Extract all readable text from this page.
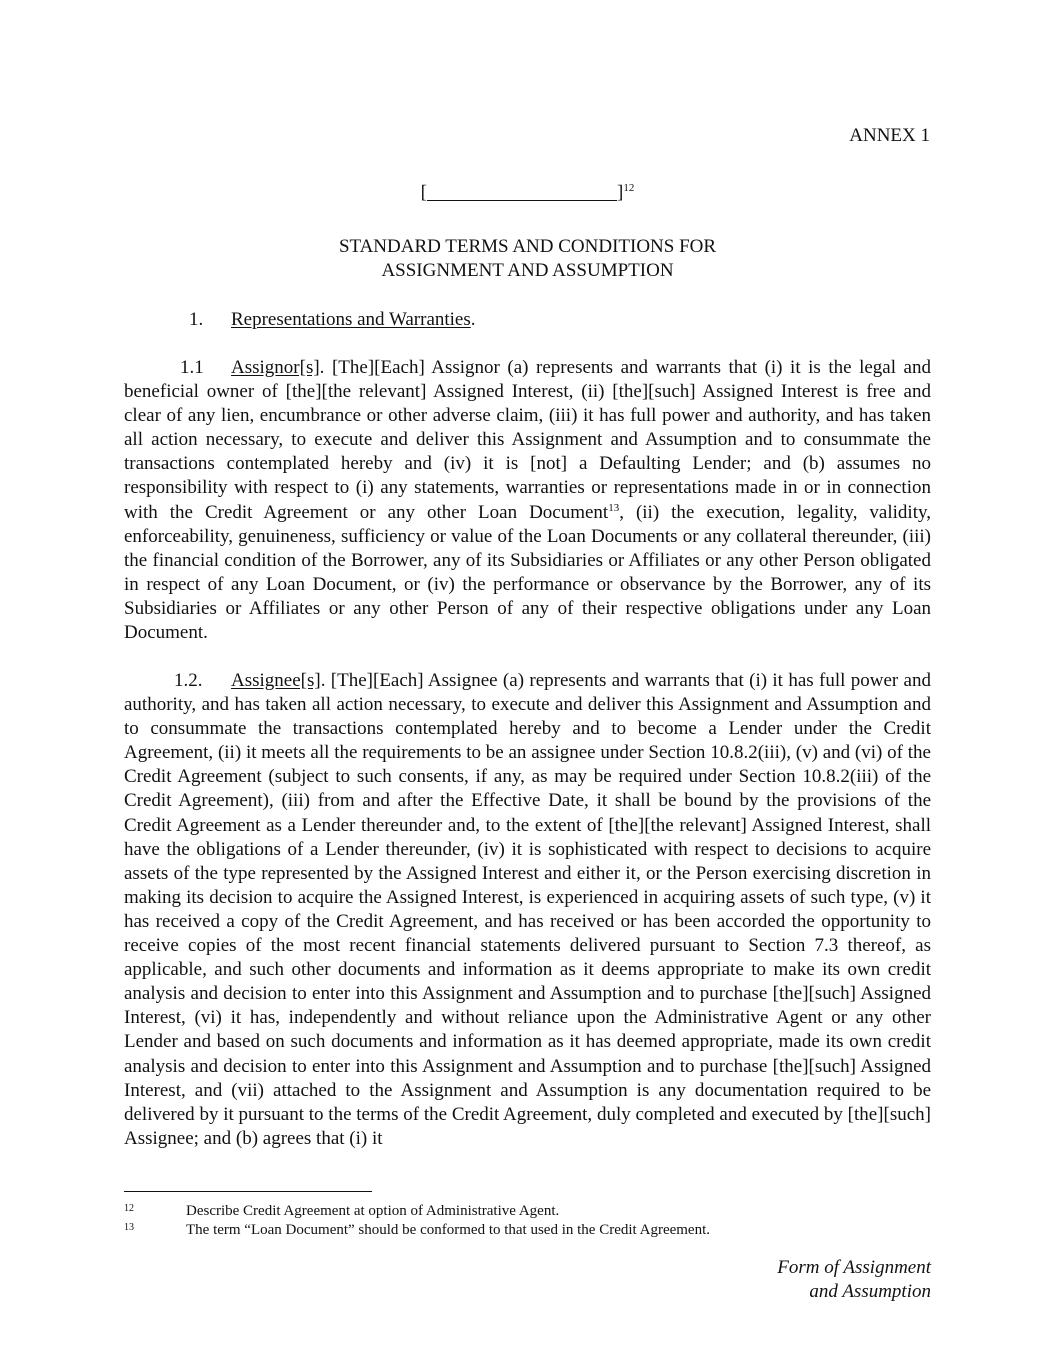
ANNEX 1
[	]$^{12}$
STANDARD TERMS AND CONDITIONS FOR
ASSIGNMENT AND ASSUMPTION
1. Representations and Warranties.
1.1 Assignor[s]. [The][Each] Assignor (a) represents and warrants that (i) it is the legal and beneficial owner of [the][the relevant] Assigned Interest, (ii) [the][such] Assigned Interest is free and clear of any lien, encumbrance or other adverse claim, (iii) it has full power and authority, and has taken all action necessary, to execute and deliver this Assignment and Assumption and to consummate the transactions contemplated hereby and (iv) it is [not] a Defaulting Lender; and (b) assumes no responsibility with respect to (i) any statements, warranties or representations made in or in connection with the Credit Agreement or any other Loan Document$^{13}$, (ii) the execution, legality, validity, enforceability, genuineness, sufficiency or value of the Loan Documents or any collateral thereunder, (iii) the financial condition of the Borrower, any of its Subsidiaries or Affiliates or any other Person obligated in respect of any Loan Document, or (iv) the performance or observance by the Borrower, any of its Subsidiaries or Affiliates or any other Person of any of their respective obligations under any Loan Document.
1.2. Assignee[s]. [The][Each] Assignee (a) represents and warrants that (i) it has full power and authority, and has taken all action necessary, to execute and deliver this Assignment and Assumption and to consummate the transactions contemplated hereby and to become a Lender under the Credit Agreement, (ii) it meets all the requirements to be an assignee under Section 10.8.2(iii), (v) and (vi) of the Credit Agreement (subject to such consents, if any, as may be required under Section 10.8.2(iii) of the Credit Agreement), (iii) from and after the Effective Date, it shall be bound by the provisions of the Credit Agreement as a Lender thereunder and, to the extent of [the][the relevant] Assigned Interest, shall have the obligations of a Lender thereunder, (iv) it is sophisticated with respect to decisions to acquire assets of the type represented by the Assigned Interest and either it, or the Person exercising discretion in making its decision to acquire the Assigned Interest, is experienced in acquiring assets of such type, (v) it has received a copy of the Credit Agreement, and has received or has been accorded the opportunity to receive copies of the most recent financial statements delivered pursuant to Section 7.3 thereof, as applicable, and such other documents and information as it deems appropriate to make its own credit analysis and decision to enter into this Assignment and Assumption and to purchase [the][such] Assigned Interest, (vi) it has, independently and without reliance upon the Administrative Agent or any other Lender and based on such documents and information as it has deemed appropriate, made its own credit analysis and decision to enter into this Assignment and Assumption and to purchase [the][such] Assigned Interest, and (vii) attached to the Assignment and Assumption is any documentation required to be delivered by it pursuant to the terms of the Credit Agreement, duly completed and executed by [the][such] Assignee; and (b) agrees that (i) it
12	Describe Credit Agreement at option of Administrative Agent.
13	The term “Loan Document” should be conformed to that used in the Credit Agreement.
Form of Assignment
and Assumption
